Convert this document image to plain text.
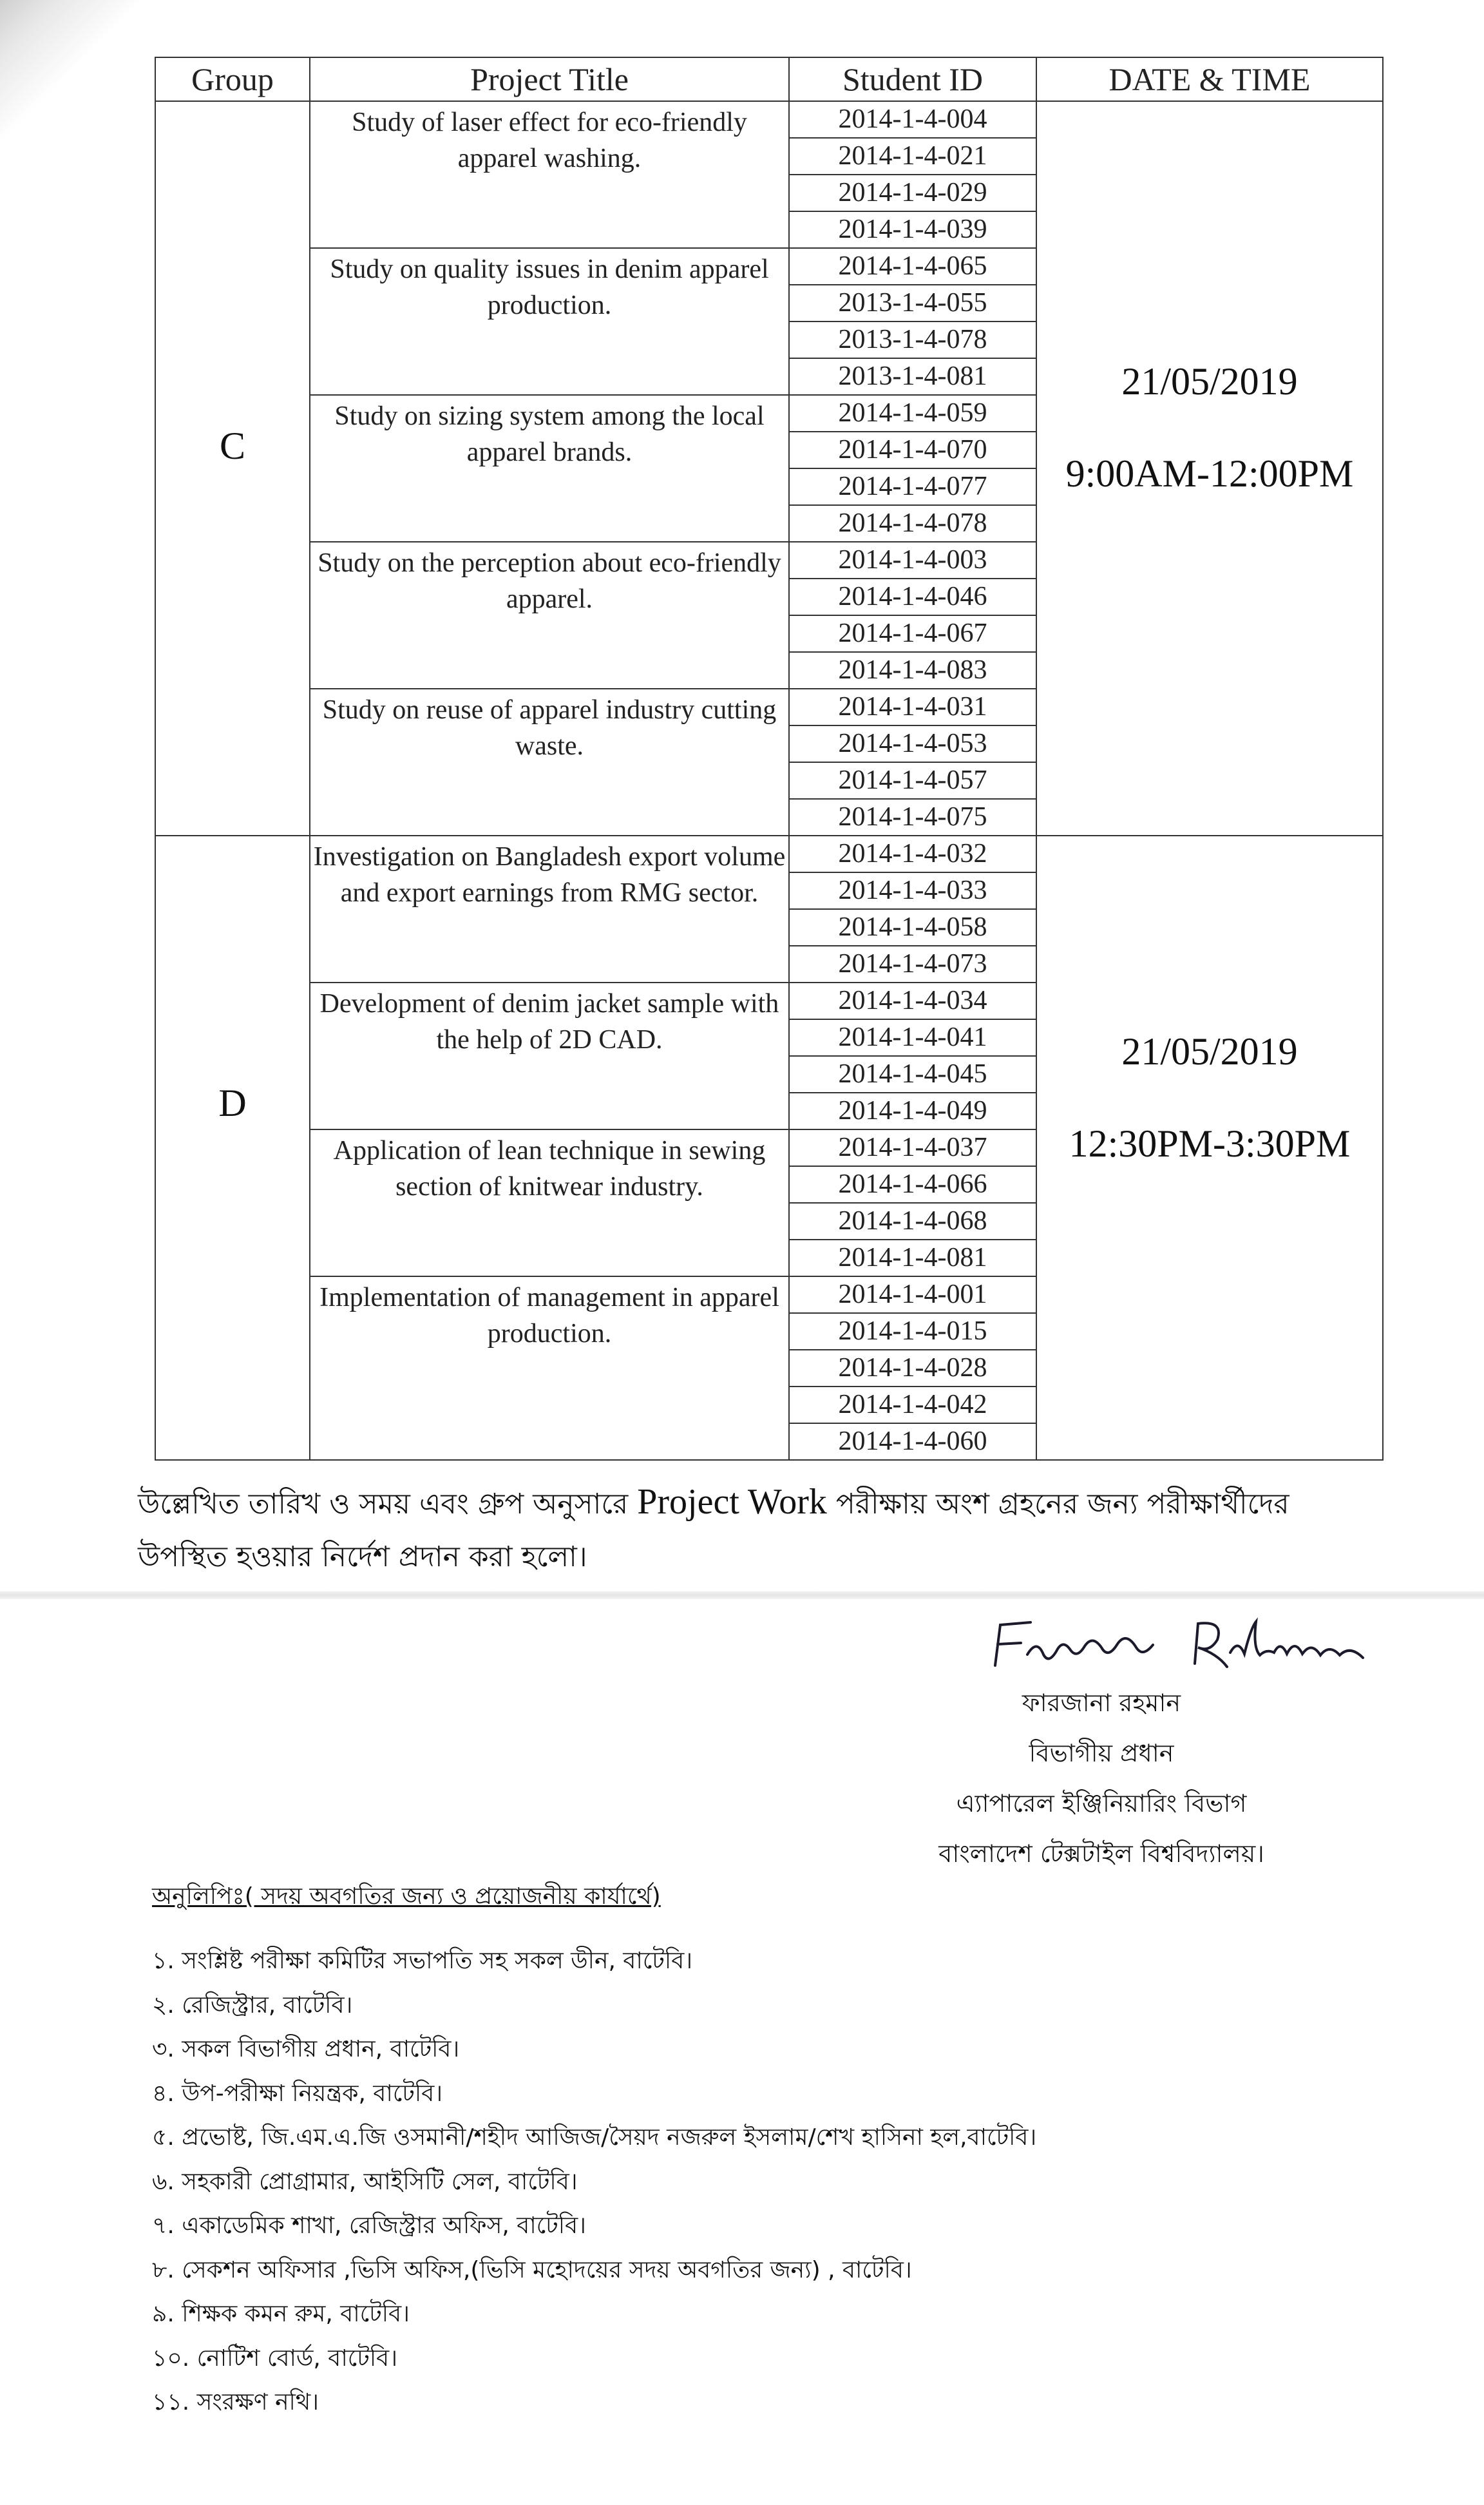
Group	Project Title	Student ID	DATE & TIME

C	Study of laser effect for eco-friendly apparel washing.	2014-1-4-004	21/05/2019
9:00AM-12:00PM

		2014-1-4-021	
		2014-1-4-029	
		2014-1-4-039	
	Study on quality issues in denim apparel production.	2014-1-4-065	
		2013-1-4-055	
		2013-1-4-078	
		2013-1-4-081	
	Study on sizing system among the local apparel brands.	2014-1-4-059	
		2014-1-4-070	
		2014-1-4-077	
		2014-1-4-078	
	Study on the perception about eco-friendly apparel.	2014-1-4-003	
		2014-1-4-046	
		2014-1-4-067	
		2014-1-4-083	
	Study on reuse of apparel industry cutting waste.	2014-1-4-031	
		2014-1-4-053	
		2014-1-4-057	
		2014-1-4-075	

D	Investigation on Bangladesh export volume and export earnings from RMG sector.	2014-1-4-032	21/05/2019
12:30PM-3:30PM

		2014-1-4-033	
		2014-1-4-058	
		2014-1-4-073	
	Development of denim jacket sample with the help of 2D CAD.	2014-1-4-034	
		2014-1-4-041	
		2014-1-4-045	
		2014-1-4-049	
	Application of lean technique in sewing section of knitwear industry.	2014-1-4-037	
		2014-1-4-066	
		2014-1-4-068	
		2014-1-4-081	
	Implementation of management in apparel production.	2014-1-4-001	
		2014-1-4-015	
		2014-1-4-028	
		2014-1-4-042	
		2014-1-4-060	
উল্লেখিত তারিখ ও সময় এবং গ্রুপ অনুসারে Project Work পরীক্ষায় অংশ গ্রহনের জন্য পরীক্ষার্থীদের উপস্থিত হওয়ার নির্দেশ প্রদান করা হলো।
Farzana Rahman
ফারজানা রহমান
বিভাগীয় প্রধান
এ্যাপারেল ইঞ্জিনিয়ারিং বিভাগ
বাংলাদেশ টেক্সটাইল বিশ্ববিদ্যালয়।
অনুলিপিঃ( সদয় অবগতির জন্য ও প্রয়োজনীয় কার্যার্থে)
১. সংশ্লিষ্ট পরীক্ষা কমিটির সভাপতি সহ সকল ডীন, বাটেবি।
২. রেজিস্ট্রার, বাটেবি।
৩. সকল বিভাগীয় প্রধান, বাটেবি।
৪. উপ-পরীক্ষা নিয়ন্ত্রক, বাটেবি।
৫. প্রভোষ্ট, জি.এম.এ.জি ওসমানী/শহীদ আজিজ/সৈয়দ নজরুল ইসলাম/শেখ হাসিনা হল,বাটেবি।
৬. সহকারী প্রোগ্রামার, আইসিটি সেল, বাটেবি।
৭. একাডেমিক শাখা, রেজিস্ট্রার অফিস, বাটেবি।
৮. সেকশন অফিসার ,ভিসি অফিস,(ভিসি মহোদয়ের সদয় অবগতির জন্য) , বাটেবি।
৯. শিক্ষক কমন রুম, বাটেবি।
১০. নোটিশ বোর্ড, বাটেবি।
১১. সংরক্ষণ নথি।
